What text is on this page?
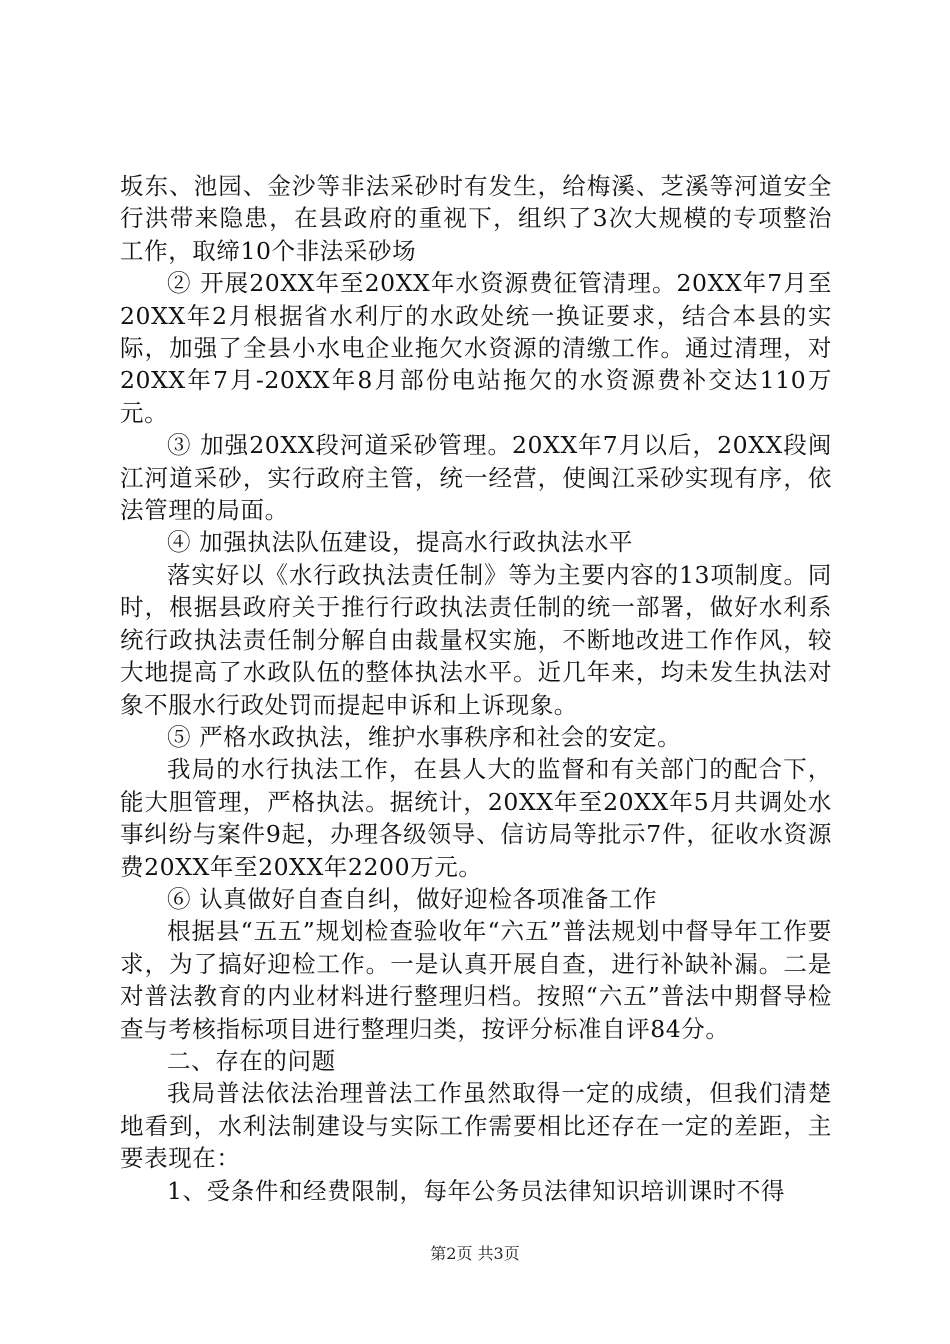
坂东、池园、金沙等非法采砂时有发生，给梅溪、芝溪等河道安全行洪带来隐患，在县政府的重视下，组织了3次大规模的专项整治工作，取缔10个非法采砂场

② 开展20XX年至20XX年水资源费征管清理。20XX年7月至20XX年2月根据省水利厅的水政处统一换证要求，结合本县的实际，加强了全县小水电企业拖欠水资源的清缴工作。通过清理，对20XX年7月-20XX年8月部份电站拖欠的水资源费补交达110万元。

③ 加强20XX段河道采砂管理。20XX年7月以后，20XX段闽江河道采砂，实行政府主管，统一经营，使闽江采砂实现有序，依法管理的局面。

④ 加强执法队伍建设，提高水行政执法水平

落实好以《水行政执法责任制》等为主要内容的13项制度。同时，根据县政府关于推行行政执法责任制的统一部署，做好水利系统行政执法责任制分解自由裁量权实施，不断地改进工作作风，较大地提高了水政队伍的整体执法水平。近几年来，均未发生执法对象不服水行政处罚而提起申诉和上诉现象。

⑤ 严格水政执法，维护水事秩序和社会的安定。

我局的水行执法工作，在县人大的监督和有关部门的配合下，能大胆管理，严格执法。据统计，20XX年至20XX年5月共调处水事纠纷与案件9起，办理各级领导、信访局等批示7件，征收水资源费20XX年至20XX年2200万元。

⑥ 认真做好自查自纠，做好迎检各项准备工作

根据县“五五”规划检查验收年“六五”普法规划中督导年工作要求，为了搞好迎检工作。一是认真开展自查，进行补缺补漏。二是对普法教育的内业材料进行整理归档。按照“六五”普法中期督导检查与考核指标项目进行整理归类，按评分标准自评84分。

二、存在的问题

我局普法依法治理普法工作虽然取得一定的成绩，但我们清楚地看到，水利法制建设与实际工作需要相比还存在一定的差距，主要表现在：

1、受条件和经费限制，每年公务员法律知识培训课时不得

第2页 共3页
